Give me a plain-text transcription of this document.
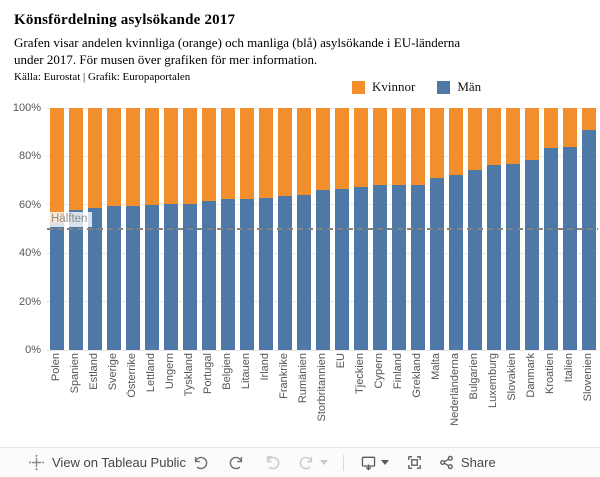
Könsfördelning asylsökande 2017

Grafen visar andelen kvinnliga (orange) och manliga (blå) asylsökande i EU-länderna under 2017. För musen över grafiken för mer information.

Källa: Eurostat | Grafik: Europaportalen

Kvinnor	Män
0%
20%
40%
60%
80%
100%
Hälften
Polen Spanien Estland Sverige Österrike Lettland Ungern Tyskland Portugal Belgien Litauen Irland Frankrike Rumänien Storbritannien EU Tjeckien Cypern Finland Grekland Malta Nederländerna Bulgarien Luxemburg Slovakien Danmark Kroatien Italien Slovenien
View on Tableau Public	Share
